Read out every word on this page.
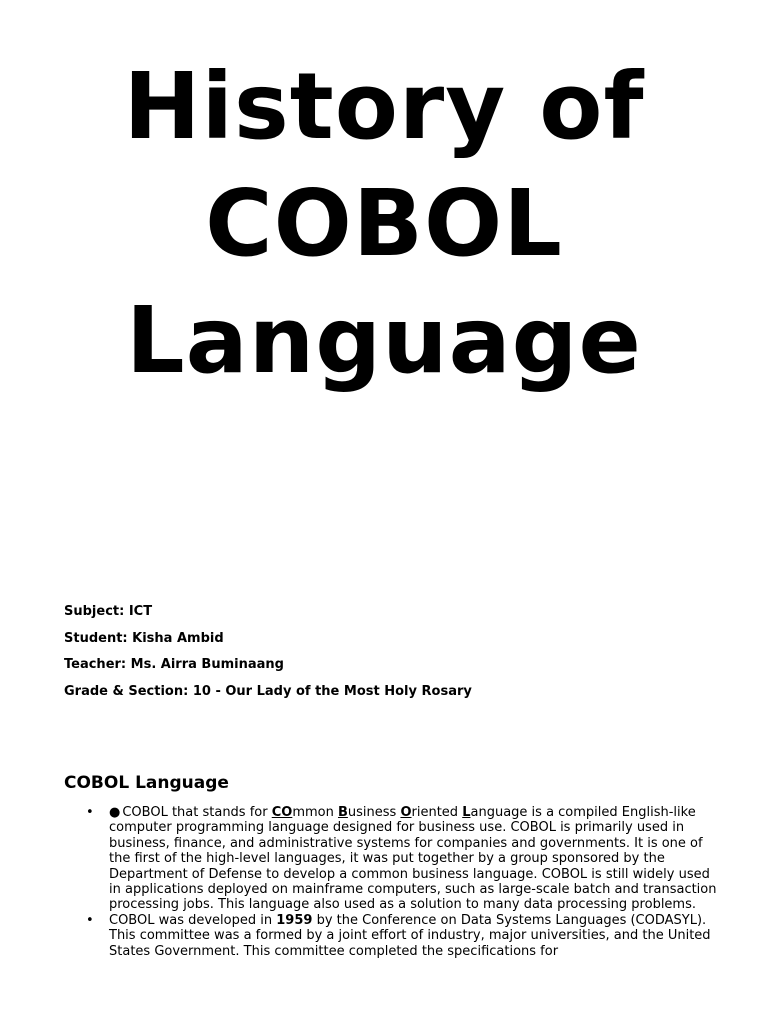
History of
COBOL
Language

Subject: ICT

Student: Kisha Ambid

Teacher: Ms. Airra Buminaang

Grade & Section: 10 - Our Lady of the Most Holy Rosary

COBOL Language
• ● COBOL that stands for COmmon Business Oriented Language is a compiled English-like computer programming language designed for business use. COBOL is primarily used in business, finance, and administrative systems for companies and governments. It is one of the first of the high-level languages, it was put together by a group sponsored by the Department of Defense to develop a common business language. COBOL is still widely used in applications deployed on mainframe computers, such as large-scale batch and transaction processing jobs. This language also used as a solution to many data processing problems.
• COBOL was developed in 1959 by the Conference on Data Systems Languages (CODASYL). This committee was a formed by a joint effort of industry, major universities, and the United States Government. This committee completed the specifications for
